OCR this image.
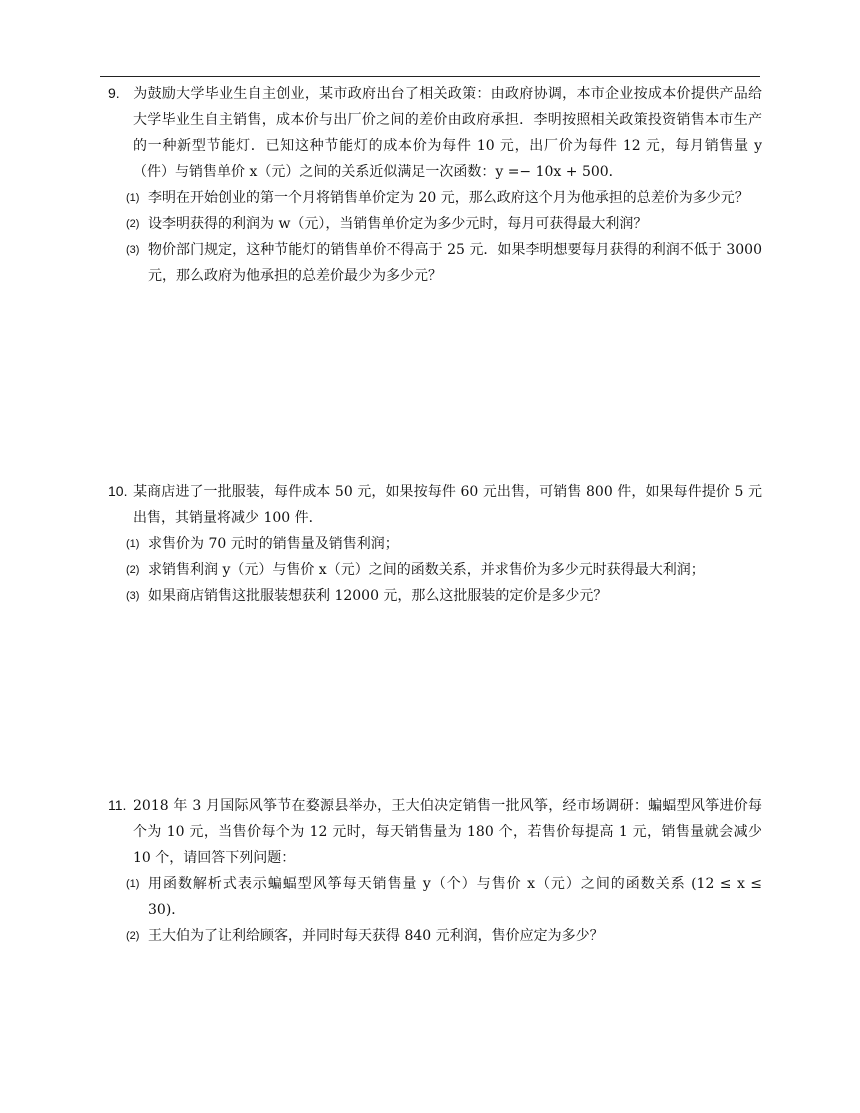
9. 为鼓励大学毕业生自主创业，某市政府出台了相关政策：由政府协调，本市企业按成本价提供产品给大学毕业生自主销售，成本价与出厂价之间的差价由政府承担．李明按照相关政策投资销售本市生产的一种新型节能灯．已知这种节能灯的成本价为每件 10 元，出厂价为每件 12 元，每月销售量 y（件）与销售单价 x（元）之间的关系近似满足一次函数：y =− 10x + 500．

(1) 李明在开始创业的第一个月将销售单价定为 20 元，那么政府这个月为他承担的总差价为多少元？

(2) 设李明获得的利润为 w（元），当销售单价定为多少元时，每月可获得最大利润？

(3) 物价部门规定，这种节能灯的销售单价不得高于 25 元．如果李明想要每月获得的利润不低于 3000 元，那么政府为他承担的总差价最少为多少元？

10. 某商店进了一批服装，每件成本 50 元，如果按每件 60 元出售，可销售 800 件，如果每件提价 5 元出售，其销量将减少 100 件．

(1) 求售价为 70 元时的销售量及销售利润；

(2) 求销售利润 y（元）与售价 x（元）之间的函数关系，并求售价为多少元时获得最大利润；

(3) 如果商店销售这批服装想获利 12000 元，那么这批服装的定价是多少元？

11. 2018 年 3 月国际风筝节在婺源县举办，王大伯决定销售一批风筝，经市场调研：蝙蝠型风筝进价每个为 10 元，当售价每个为 12 元时，每天销售量为 180 个，若售价每提高 1 元，销售量就会减少 10 个，请回答下列问题：

(1) 用函数解析式表示蝙蝠型风筝每天销售量 y（个）与售价 x（元）之间的函数关系 (12 ≤ x ≤ 30)．

(2) 王大伯为了让利给顾客，并同时每天获得 840 元利润，售价应定为多少？
